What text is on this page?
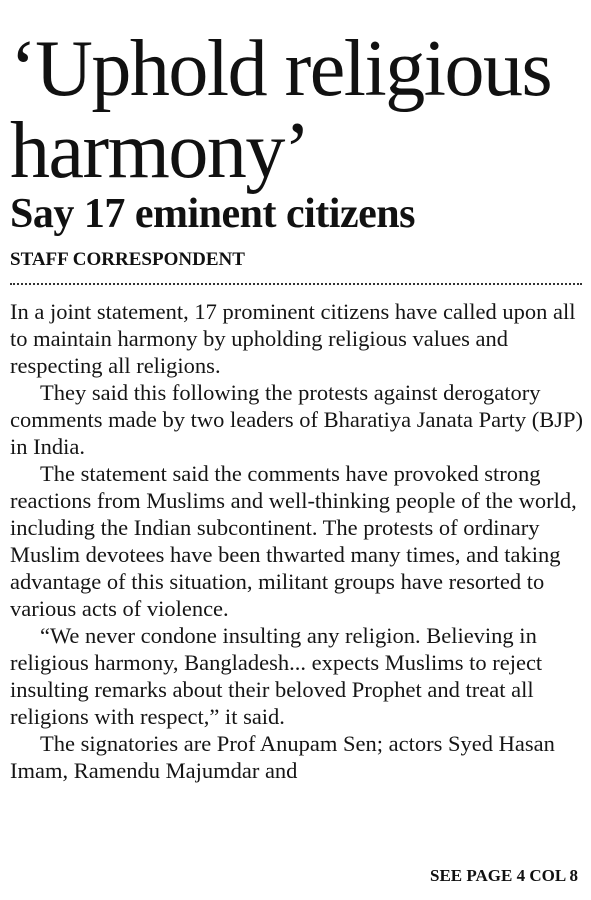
‘Uphold religious harmony’
Say 17 eminent citizens
STAFF CORRESPONDENT

In a joint statement, 17 prominent citizens have called upon all to maintain harmony by upholding religious values and respecting all religions.

They said this following the protests against derogatory comments made by two leaders of Bharatiya Janata Party (BJP) in India.

The statement said the comments have provoked strong reactions from Muslims and well-thinking people of the world, including the Indian subcontinent. The protests of ordinary Muslim devotees have been thwarted many times, and taking advantage of this situation, militant groups have resorted to various acts of violence.

“We never condone insulting any religion. Believing in religious harmony, Bangladesh... expects Muslims to reject insulting remarks about their beloved Prophet and treat all religions with respect,” it said.

The signatories are Prof Anupam Sen; actors Syed Hasan Imam, Ramendu Majumdar and

SEE PAGE 4 COL 8
